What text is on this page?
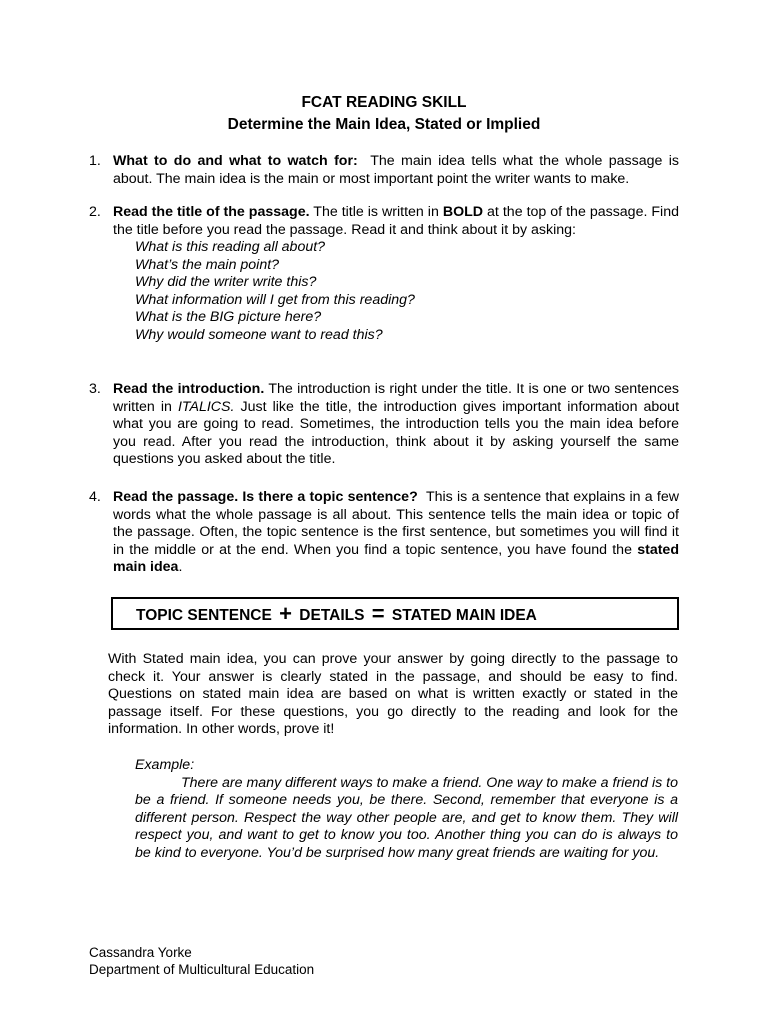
FCAT READING SKILL
Determine the Main Idea, Stated or Implied
1. What to do and what to watch for: The main idea tells what the whole passage is about. The main idea is the main or most important point the writer wants to make.
2. Read the title of the passage. The title is written in BOLD at the top of the passage. Find the title before you read the passage. Read it and think about it by asking:
What is this reading all about?
What’s the main point?
Why did the writer write this?
What information will I get from this reading?
What is the BIG picture here?
Why would someone want to read this?
3. Read the introduction. The introduction is right under the title. It is one or two sentences written in ITALICS. Just like the title, the introduction gives important information about what you are going to read. Sometimes, the introduction tells you the main idea before you read. After you read the introduction, think about it by asking yourself the same questions you asked about the title.
4. Read the passage. Is there a topic sentence? This is a sentence that explains in a few words what the whole passage is all about. This sentence tells the main idea or topic of the passage. Often, the topic sentence is the first sentence, but sometimes you will find it in the middle or at the end. When you find a topic sentence, you have found the stated main idea.
TOPIC SENTENCE + DETAILS = STATED MAIN IDEA
With Stated main idea, you can prove your answer by going directly to the passage to check it. Your answer is clearly stated in the passage, and should be easy to find. Questions on stated main idea are based on what is written exactly or stated in the passage itself. For these questions, you go directly to the reading and look for the information. In other words, prove it!
Example:
There are many different ways to make a friend. One way to make a friend is to be a friend. If someone needs you, be there. Second, remember that everyone is a different person. Respect the way other people are, and get to know them. They will respect you, and want to get to know you too. Another thing you can do is always to be kind to everyone. You’d be surprised how many great friends are waiting for you.
Cassandra Yorke
Department of Multicultural Education
